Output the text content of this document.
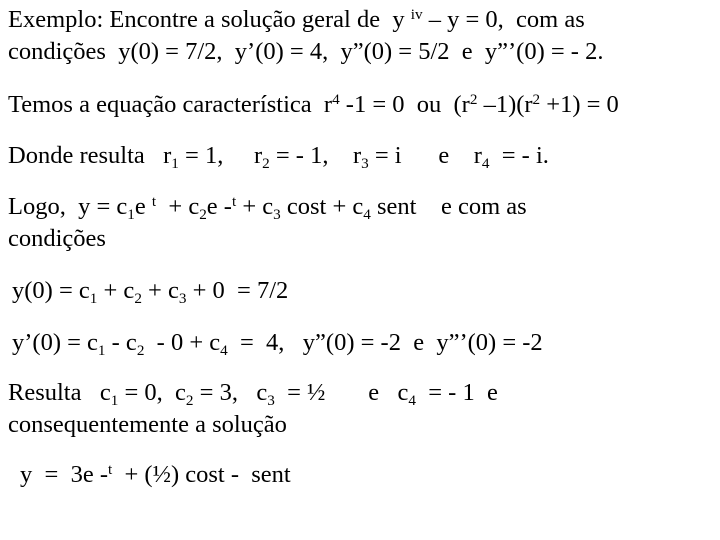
Exemplo: Encontre a solução geral de  y $^{iv}$ – y = 0,  com as

condições  y(0) = 7/2,  y’(0) = 4,  y”(0) = 5/2  e  y”’(0) = - 2.

Temos a equação característica  $r^4$ -1 = 0  ou  ($r^2$ $-1)(r^2 +1) = 0$

Donde resulta   $r_1 = 1$,     $r_2$ = - 1,    $r_3 = i$      e    $r_4$  = - i.

Logo,  $y = c_1e$ $^t + c_2e$ $-^t + c_3$ $\cos t + c_4$ sent    e com as

condições

$y(0) = c_1 + c_2 + c_3 + 0 = 7/2$

y’(0) = $c_1 - c_2 - 0 + c_4 = 4$,   y”(0) = -2  e  y”’(0) = -2

Resulta   $c_1 = 0$,  $c_2 = 3$,   $c_3$  = ½       e   $c_4$  = - 1  e

consequentemente a solução

y  =  3e -$^t$  + (½) cost -  sent
